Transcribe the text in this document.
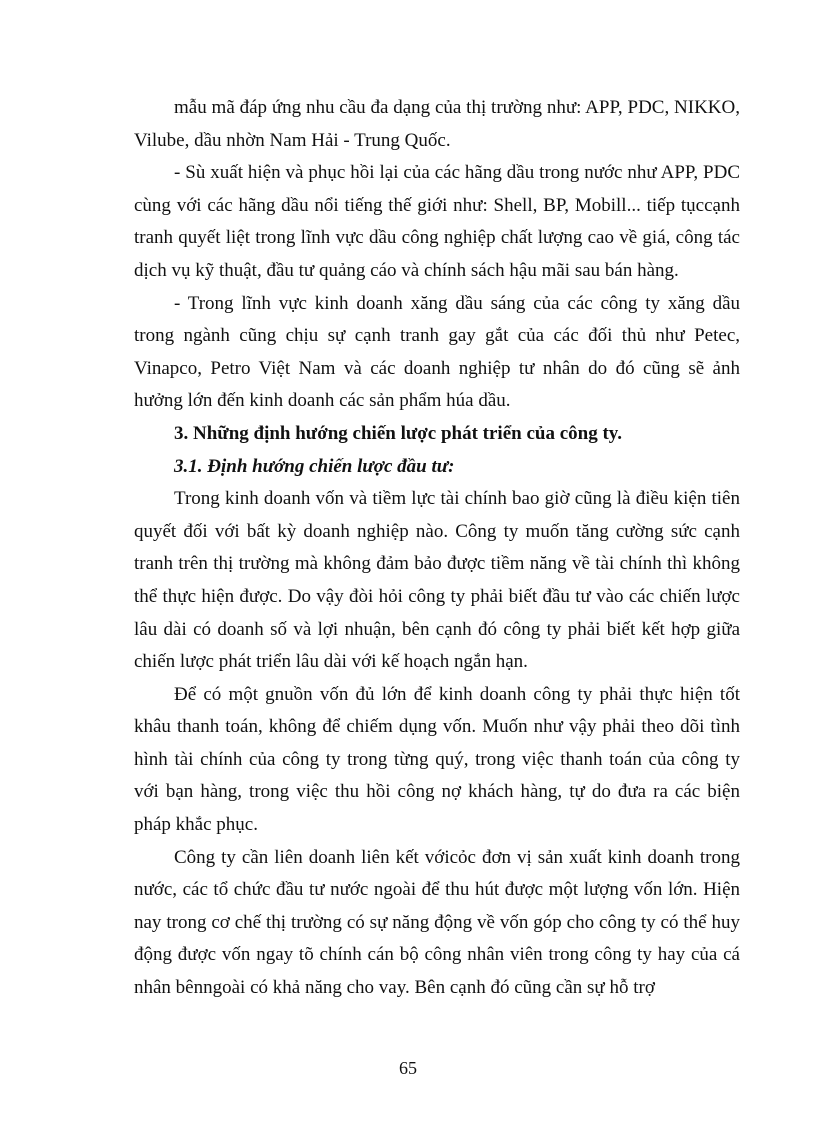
mẫu mã đáp ứng nhu cầu đa dạng của thị trường như: APP, PDC, NIKKO, Vilube, dầu nhờn Nam Hải - Trung Quốc.

- Sù xuất hiện và phục hồi lại của các hãng dầu trong nước như APP, PDC cùng với các hãng dầu nổi tiếng thế giới như: Shell, BP, Mobill... tiếp tụccạnh tranh quyết liệt trong lĩnh vực dầu công nghiệp chất lượng cao về giá, công tác dịch vụ kỹ thuật, đầu tư quảng cáo và chính sách hậu mãi sau bán hàng.

- Trong lĩnh vực kinh doanh xăng dầu sáng của các công ty xăng dầu trong ngành cũng chịu sự cạnh tranh gay gắt của các đối thủ như Petec, Vinapco, Petro Việt Nam và các doanh nghiệp tư nhân do đó cũng sẽ ảnh hưởng lớn đến kinh doanh các sản phẩm húa dầu.

3. Những định hướng chiến lược phát triển của công ty.

3.1. Định hướng chiến lược đầu tư:

Trong kinh doanh vốn và tiềm lực tài chính bao giờ cũng là điều kiện tiên quyết đối với bất kỳ doanh nghiệp nào. Công ty muốn tăng cường sức cạnh tranh trên thị trường mà không đảm bảo được tiềm năng về tài chính thì không thể thực hiện được. Do vậy đòi hỏi công ty phải biết đầu tư vào các chiến lược lâu dài có doanh số và lợi nhuận, bên cạnh đó công ty phải biết kết hợp giữa chiến lược phát triển lâu dài với kế hoạch ngắn hạn.

Để có một gnuồn vốn đủ lớn để kinh doanh công ty phải thực hiện tốt khâu thanh toán, không để chiếm dụng vốn. Muốn như vậy phải theo dõi tình hình tài chính của công ty trong từng quý, trong việc thanh toán của công ty với bạn hàng, trong việc thu hồi công nợ khách hàng, tự do đưa ra các biện pháp khắc phục.

Công ty cần liên doanh liên kết vớicỏc đơn vị sản xuất kinh doanh trong nước, các tổ chức đầu tư nước ngoài để thu hút được một lượng vốn lớn. Hiện nay trong cơ chế thị trường có sự năng động về vốn góp cho công ty có thể huy động được vốn ngay tõ chính cán bộ công nhân viên trong công ty hay của cá nhân bênngoài có khả năng cho vay. Bên cạnh đó cũng cần sự hỗ trợ

65
